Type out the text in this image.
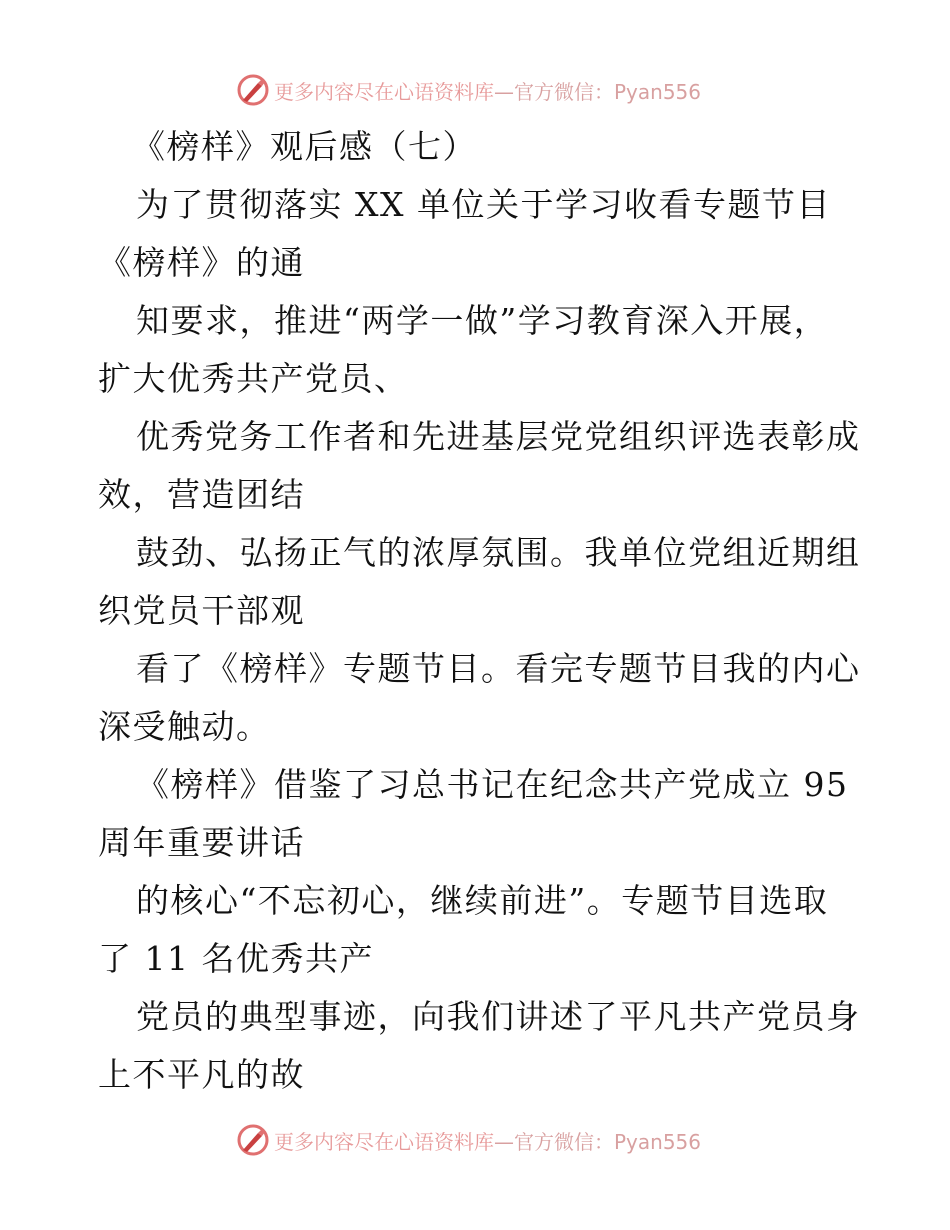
更多内容尽在心语资料库 —官方微信：Pyan556
《榜样》观后感（七）
为了贯彻落实 XX 单位关于学习收看专题节目
《榜样》的通
知要求，推进“两学一做”学习教育深入开展，
扩大优秀共产党员、
优秀党务工作者和先进基层党党组织评选表彰成
效，营造团结
鼓劲、弘扬正气的浓厚氛围。我单位党组近期组
织党员干部观
看了《榜样》专题节目。看完专题节目我的内心
深受触动。
《榜样》借鉴了习总书记在纪念共产党成立 95
周年重要讲话
的核心“不忘初心，继续前进”。专题节目选取
了 11 名优秀共产
党员的典型事迹，向我们讲述了平凡共产党员身
上不平凡的故
更多内容尽在心语资料库 —官方微信：Pyan556
